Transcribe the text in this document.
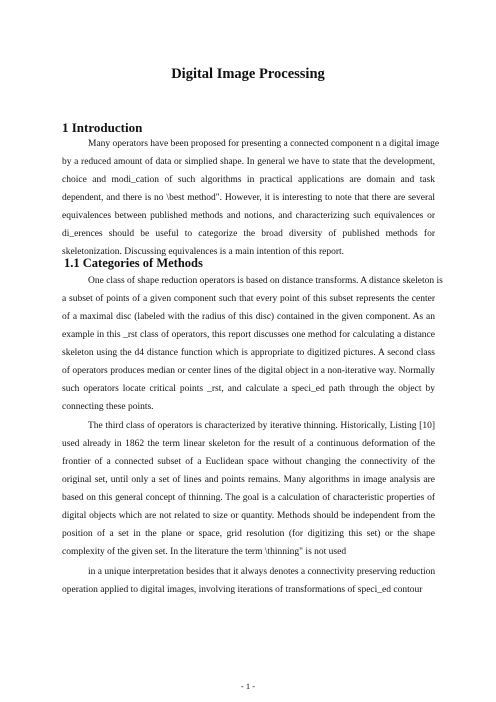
Digital Image Processing
1 Introduction
Many operators have been proposed for presenting a connected component n a digital image
by a reduced amount of data or simplied shape. In general we have to state that the development,
choice and modi_cation of such algorithms in practical applications are domain and task
dependent, and there is no \best method". However, it is interesting to note that there are several
equivalences between published methods and notions, and characterizing such equivalences or
di_erences should be useful to categorize the broad diversity of published methods for
skeletonization. Discussing equivalences is a main intention of this report.
1.1 Categories of Methods
One class of shape reduction operators is based on distance transforms. A distance skeleton is
a subset of points of a given component such that every point of this subset represents the center
of a maximal disc (labeled with the radius of this disc) contained in the given component. As an
example in this _rst class of operators, this report discusses one method for calculating a distance
skeleton using the d4 distance function which is appropriate to digitized pictures. A second class
of operators produces median or center lines of the digital object in a non-iterative way. Normally
such operators locate critical points _rst, and calculate a speci_ed path through the object by
connecting these points.
The third class of operators is characterized by iterative thinning. Historically, Listing [10]
used already in 1862 the term linear skeleton for the result of a continuous deformation of the
frontier of a connected subset of a Euclidean space without changing the connectivity of the
original set, until only a set of lines and points remains. Many algorithms in image analysis are
based on this general concept of thinning. The goal is a calculation of characteristic properties of
digital objects which are not related to size or quantity. Methods should be independent from the
position of a set in the plane or space, grid resolution (for digitizing this set) or the shape
complexity of the given set. In the literature the term \thinning" is not used
in a unique interpretation besides that it always denotes a connectivity preserving reduction
operation applied to digital images, involving iterations of transformations of speci_ed contour
- 1 -
